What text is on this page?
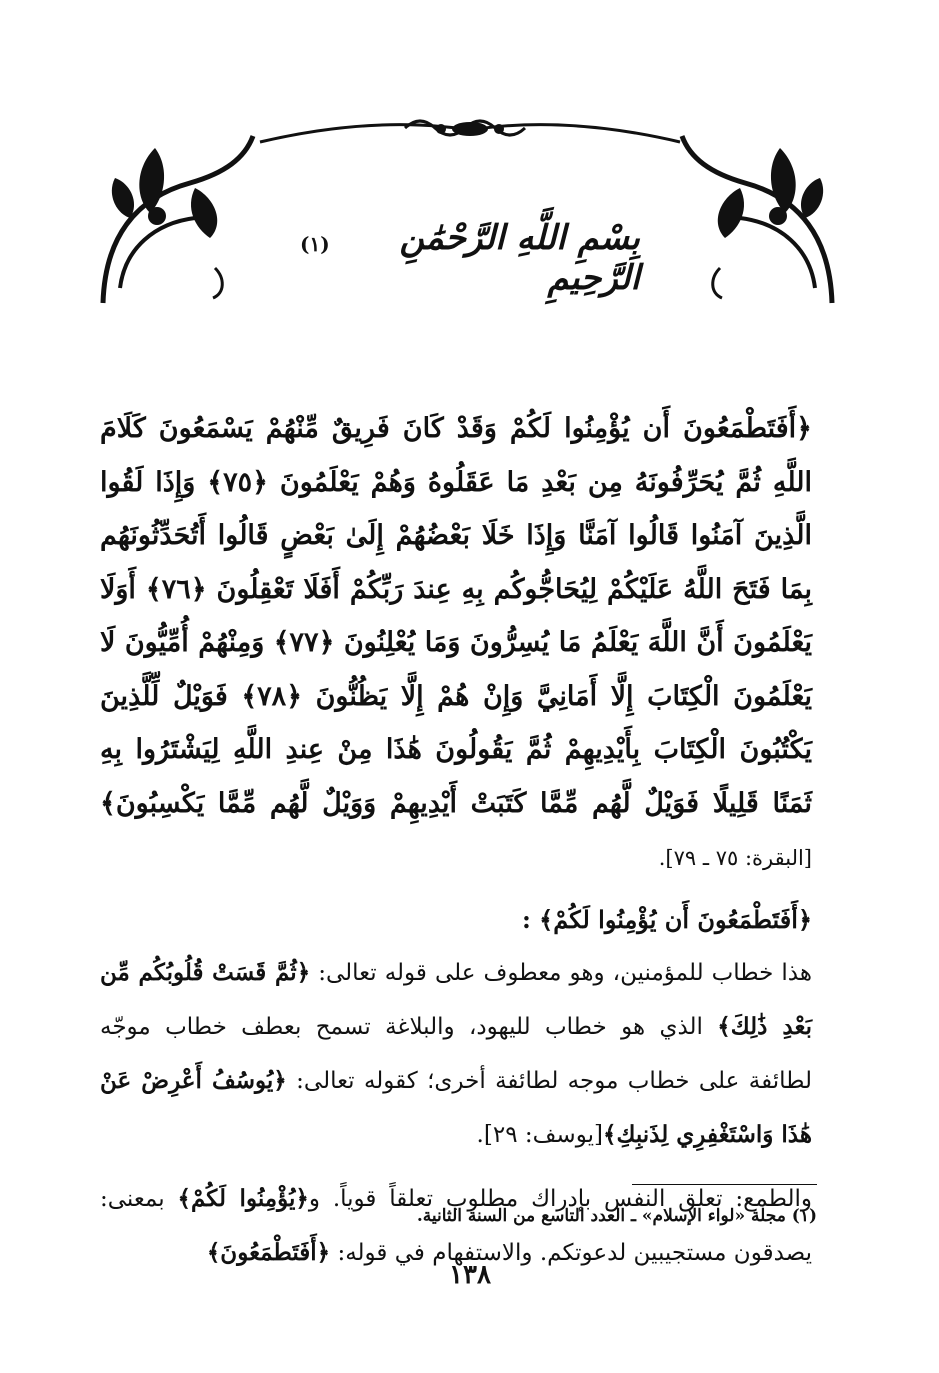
بِسْمِ اللَّهِ الرَّحْمَٰنِ الرَّحِيمِ
(١)
﴿أَفَتَطْمَعُونَ أَن يُؤْمِنُوا لَكُمْ وَقَدْ كَانَ فَرِيقٌ مِّنْهُمْ يَسْمَعُونَ كَلَامَ اللَّهِ ثُمَّ يُحَرِّفُونَهُ مِن بَعْدِ مَا عَقَلُوهُ وَهُمْ يَعْلَمُونَ ﴿٧٥﴾ وَإِذَا لَقُوا الَّذِينَ آمَنُوا قَالُوا آمَنَّا وَإِذَا خَلَا بَعْضُهُمْ إِلَىٰ بَعْضٍ قَالُوا أَتُحَدِّثُونَهُم بِمَا فَتَحَ اللَّهُ عَلَيْكُمْ لِيُحَاجُّوكُم بِهِ عِندَ رَبِّكُمْ أَفَلَا تَعْقِلُونَ ﴿٧٦﴾ أَوَلَا يَعْلَمُونَ أَنَّ اللَّهَ يَعْلَمُ مَا يُسِرُّونَ وَمَا يُعْلِنُونَ ﴿٧٧﴾ وَمِنْهُمْ أُمِّيُّونَ لَا يَعْلَمُونَ الْكِتَابَ إِلَّا أَمَانِيَّ وَإِنْ هُمْ إِلَّا يَظُنُّونَ ﴿٧٨﴾ فَوَيْلٌ لِّلَّذِينَ يَكْتُبُونَ الْكِتَابَ بِأَيْدِيهِمْ ثُمَّ يَقُولُونَ هَٰذَا مِنْ عِندِ اللَّهِ لِيَشْتَرُوا بِهِ ثَمَنًا قَلِيلًا فَوَيْلٌ لَّهُم مِّمَّا كَتَبَتْ أَيْدِيهِمْ وَوَيْلٌ لَّهُم مِّمَّا يَكْسِبُونَ﴾[البقرة: ٧٥ ـ ٧٩].
﴿أَفَتَطْمَعُونَ أَن يُؤْمِنُوا لَكُمْ﴾ :

هذا خطاب للمؤمنين، وهو معطوف على قوله تعالى: ﴿ثُمَّ قَسَتْ قُلُوبُكُم مِّن بَعْدِ ذَٰلِكَ﴾ الذي هو خطاب لليهود، والبلاغة تسمح بعطف خطاب موجّه لطائفة على خطاب موجه لطائفة أخرى؛ كقوله تعالى: ﴿يُوسُفُ أَعْرِضْ عَنْ هَٰذَا وَاسْتَغْفِرِي لِذَنبِكِ﴾[يوسف: ٢٩].

والطمع: تعلق النفس بإدراك مطلوب تعلقاً قوياً. و﴿يُؤْمِنُوا لَكُمْ﴾ بمعنى: يصدقون مستجيبين لدعوتكم. والاستفهام في قوله: ﴿أَفَتَطْمَعُونَ﴾

(١) مجلة «لواء الإسلام» ـ العدد التاسع من السنة الثانية.
١٣٨
